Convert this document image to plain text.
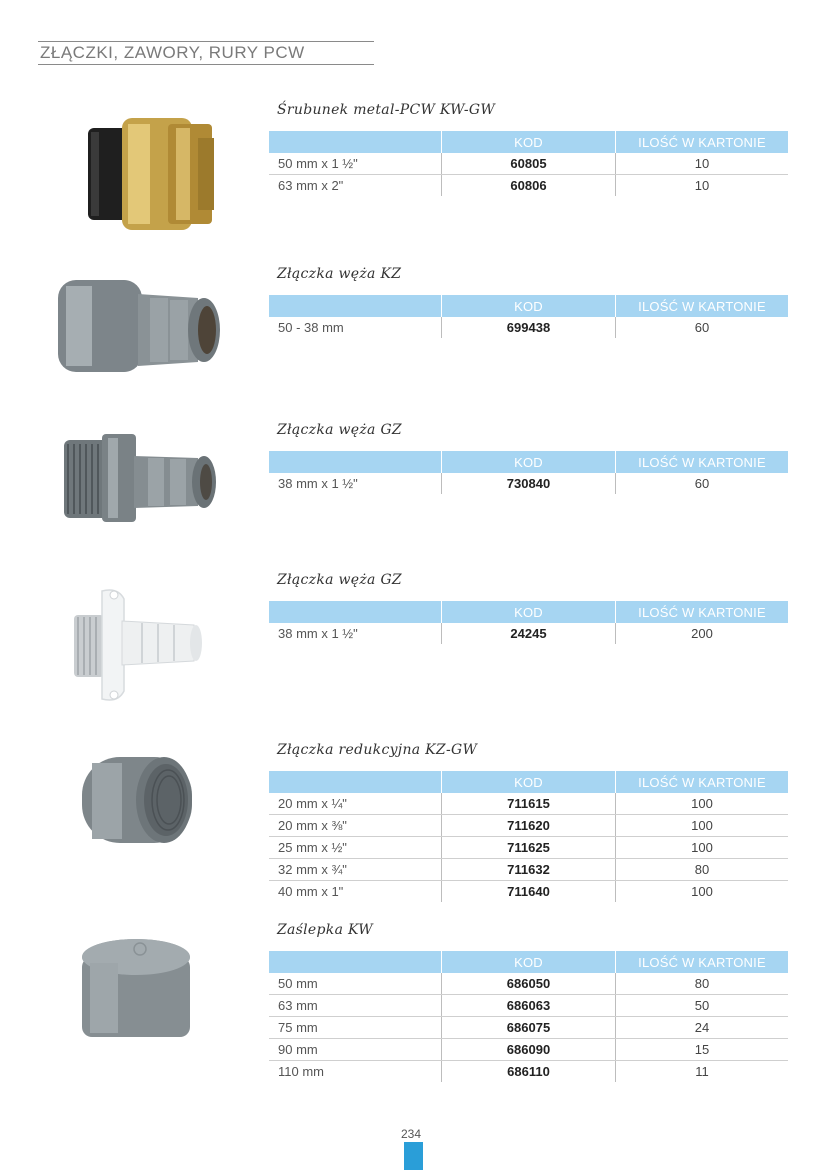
ZŁĄCZKI, ZAWORY, RURY PCW
Śrubunek metal-PCW KW-GW
	KOD	ILOŚĆ W KARTONIE
50 mm x 1 ½"	60805	10
63 mm x 2"	60806	10
Złączka węża KZ
	KOD	ILOŚĆ W KARTONIE
50 - 38 mm	699438	60
Złączka węża GZ
	KOD	ILOŚĆ W KARTONIE
38 mm x 1 ½"	730840	60
Złączka węża GZ
	KOD	ILOŚĆ W KARTONIE
38 mm x 1 ½"	24245	200
Złączka redukcyjna KZ-GW
	KOD	ILOŚĆ W KARTONIE
20 mm x ¼"	711615	100
20 mm x ⅜"	711620	100
25 mm x ½"	711625	100
32 mm x ¾"	711632	80
40 mm x 1"	711640	100
Zaślepka KW
	KOD	ILOŚĆ W KARTONIE
50 mm	686050	80
63 mm	686063	50
75 mm	686075	24
90 mm	686090	15
110 mm	686110	11
234
